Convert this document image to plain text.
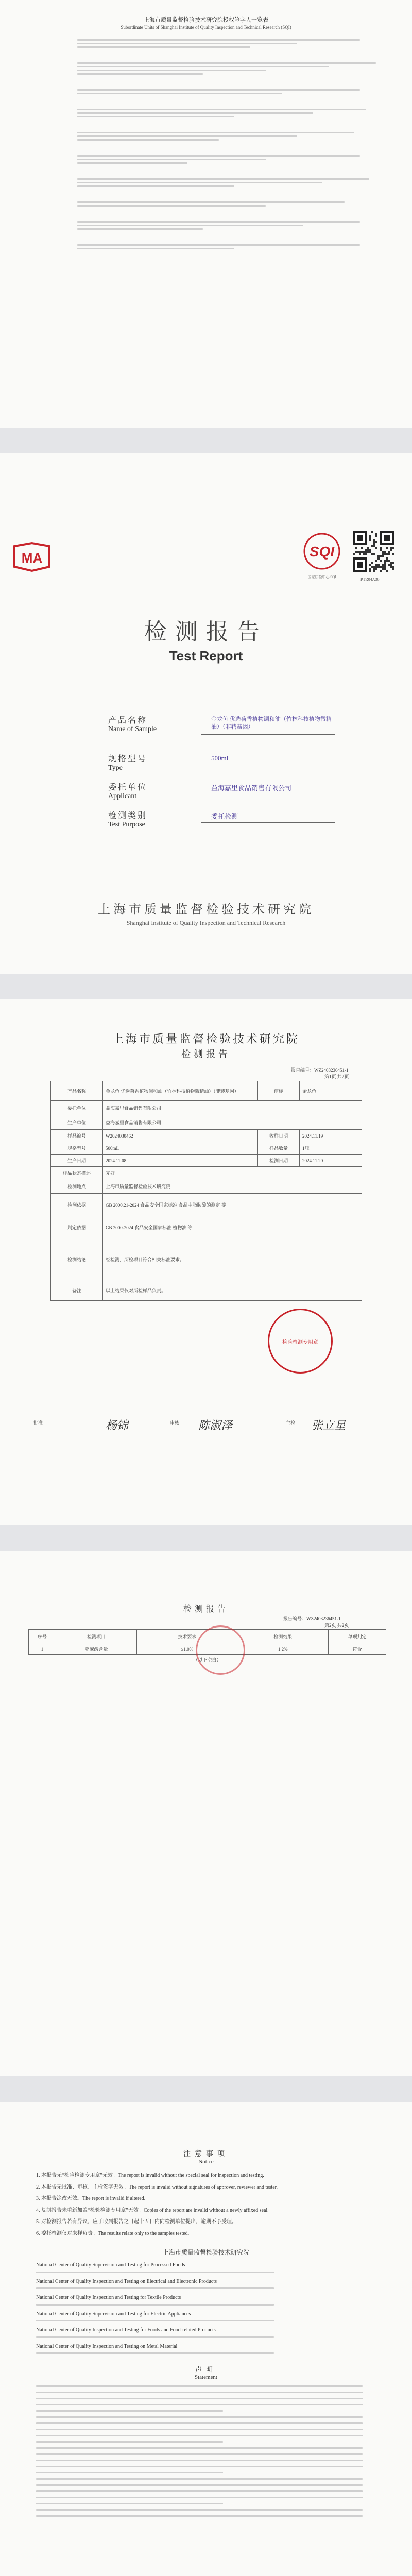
上海市质量监督检验技术研究院授权签字人一览表
Subordinate Units of Shanghai Institute of Quality Inspection and Technical Research (SQI)
MA	SQI
国家质检中心 SQI	PTR04A36
检测报告
Test Report
产品名称
Name of Sample
金龙鱼 优选荷香植物调和油（竹林科技植物微精油）（非转基因）
规格型号
Type
500mL
委托单位
Applicant
益海嘉里食品销售有限公司
检测类别
Test Purpose
委托检测
上海市质量监督检验技术研究院
Shanghai Institute of Quality Inspection and Technical Research
上海市质量监督检验技术研究院
检测报告
报告编号：WZ2403236451-1
第1页 共2页
产品名称	金龙鱼 优选荷香植物调和油（竹林科技植物微精油）（非转基因）	商标	金龙鱼
委托单位	益海嘉里食品销售有限公司		
生产单位	益海嘉里食品销售有限公司		
样品编号	W2024030462	收样日期	2024.11.19
规格型号	500mL	样品数量	1瓶
生产日期	2024.11.08	检测日期	2024.11.20
样品状态描述	完好		
检测地点	上海市质量监督检验技术研究院		
检测依据	GB 2000.21-2024 食品安全国家标准 食品中脂肪酸的测定 等		
判定依据	GB 2000-2024 食品安全国家标准 植物油 等		
检测结论	经检测，所检项目符合相关标准要求。		
备注	以上结果仅对所检样品负责。		
检验检测专用章
批准	杨锦	审核 陈淑泽	主检 张立星
检测报告
报告编号：WZ2403236451-1
第2页 共2页
序号	检测项目	技术要求	检测结果	单项判定
1	亚麻酸含量	≥1.0%	1.2%	符合
（以下空白）				
注意事项
Notice

1. 本报告无“检验检测专用章”无效。The report is invalid without the special seal for inspection and testing.

2. 本报告无批准、审核、主检签字无效。The report is invalid without signatures of approver, reviewer and tester.

3. 本报告涂改无效。The report is invalid if altered.

4. 复制报告未重新加盖“检验检测专用章”无效。Copies of the report are invalid without a newly affixed seal.

5. 对检测报告若有异议，应于收到报告之日起十五日内向检测单位提出，逾期不予受理。

6. 委托检测仅对来样负责。The results relate only to the samples tested.

上海市质量监督检验技术研究院

National Center of Quality Supervision and Testing for Processed Foods

National Center of Quality Inspection and Testing on Electrical and Electronic Products

National Center of Quality Inspection and Testing for Textile Products

National Center of Quality Supervision and Testing for Electric Appliances

National Center of Quality Inspection and Testing for Foods and Food-related Products

National Center of Quality Inspection and Testing on Metal Material

声明
Statement
